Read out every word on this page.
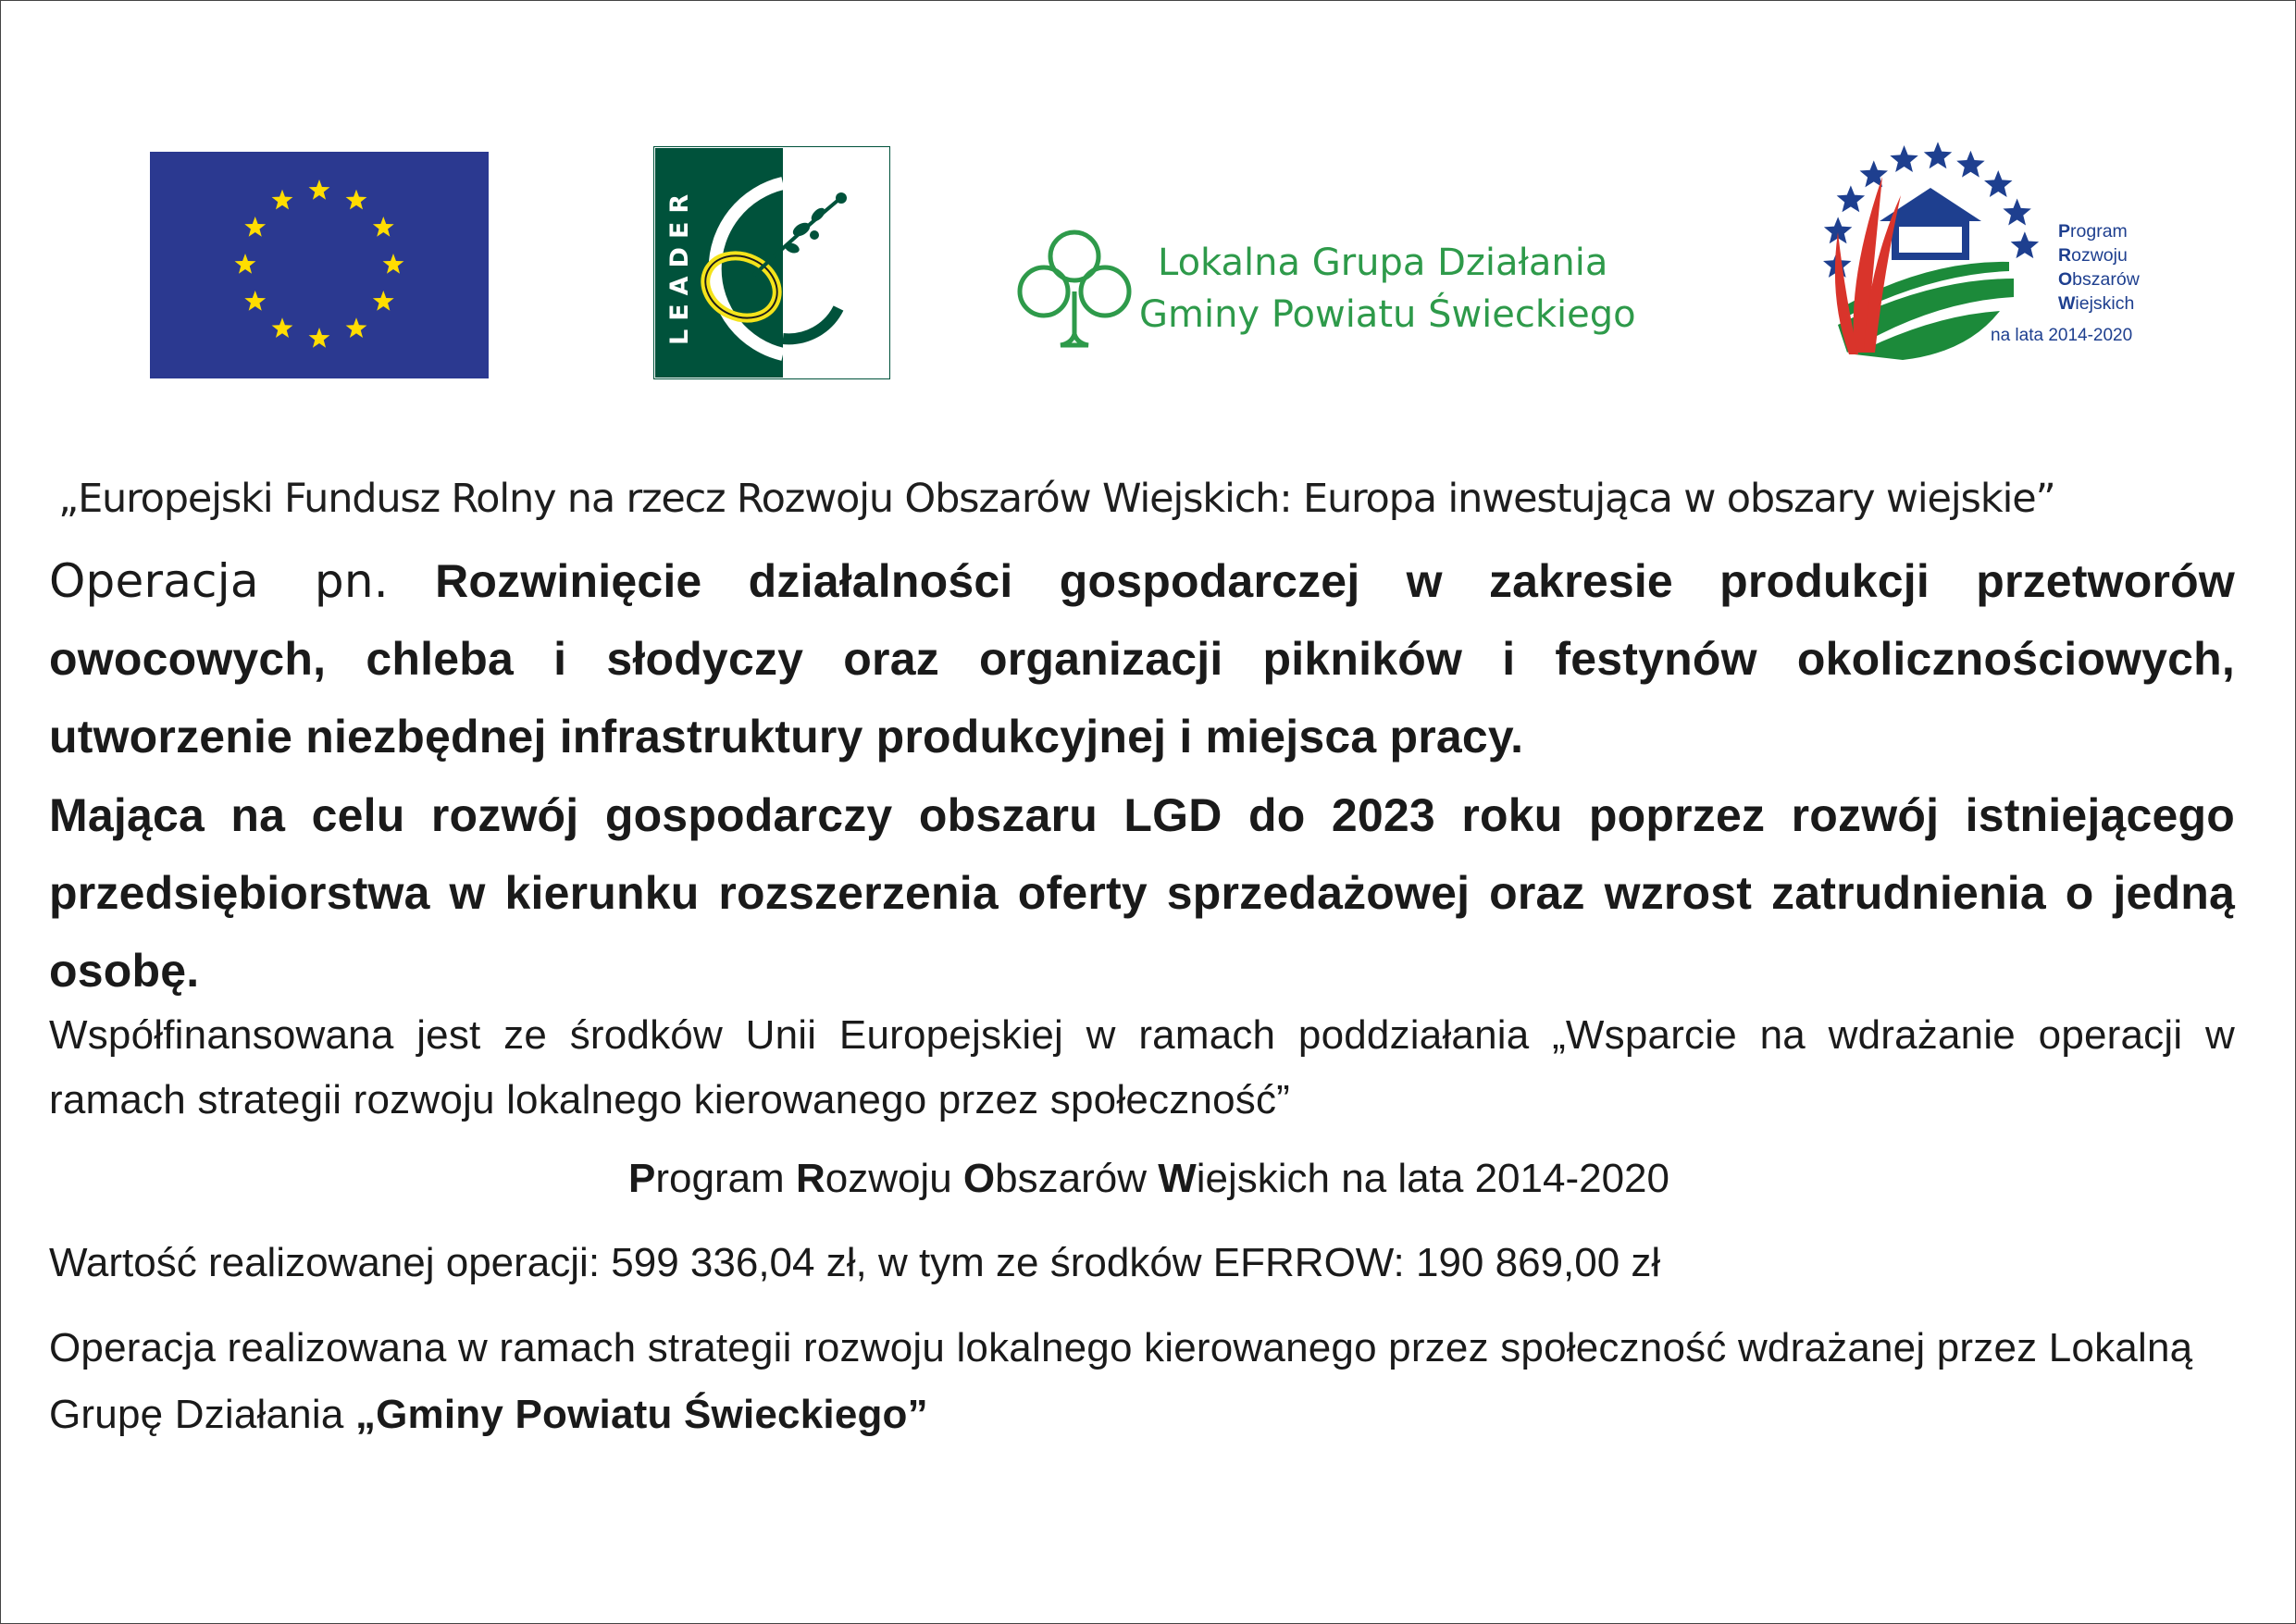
LEADER	Lokalna Grupa Działania
Gminy Powiatu Świeckiego
Program
Rozwoju
Obszarów
Wiejskich
na lata 2014-2020
„Europejski Fundusz Rolny na rzecz Rozwoju Obszarów Wiejskich: Europa inwestująca w obszary wiejskie”
Operacja pn. Rozwinięcie działalności gospodarczej w zakresie produkcji przetworów owocowych, chleba i słodyczy oraz organizacji pikników i festynów okolicznościowych, utworzenie niezbędnej infrastruktury produkcyjnej i miejsca pracy.
Mająca na celu rozwój gospodarczy obszaru LGD do 2023 roku poprzez rozwój istniejącego przedsiębiorstwa w kierunku rozszerzenia oferty sprzedażowej oraz wzrost zatrudnienia o jedną osobę.
Współfinansowana jest ze środków Unii Europejskiej w ramach poddziałania „Wsparcie na wdrażanie operacji w ramach strategii rozwoju lokalnego kierowanego przez społeczność”
Program Rozwoju Obszarów Wiejskich na lata 2014-2020
Wartość realizowanej operacji: 599 336,04 zł, w tym ze środków EFRROW: 190 869,00 zł
Operacja realizowana w ramach strategii rozwoju lokalnego kierowanego przez społeczność wdrażanej przez Lokalną Grupę Działania „Gminy Powiatu Świeckiego”
